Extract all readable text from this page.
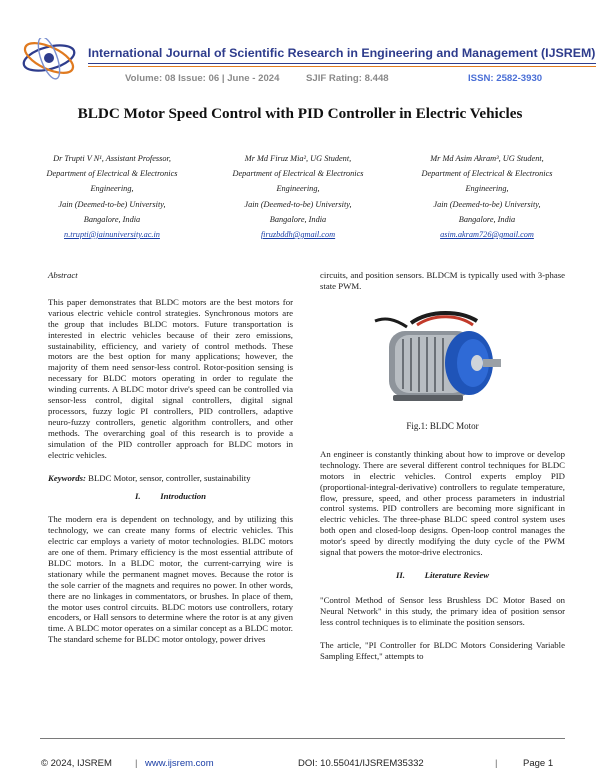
International Journal of Scientific Research in Engineering and Management (IJSREM)
Volume: 08 Issue: 06 | June - 2024	SJIF Rating: 8.448	ISSN: 2582-3930
BLDC Motor Speed Control with PID Controller in Electric Vehicles
Dr Trupti V N¹, Assistant Professor,
Department of Electrical & Electronics
Engineering,
Jain (Deemed-to-be) University,
Bangalore, India
n.trupti@jainuniversity.ac.in
Mr Md Firuz Mia², UG Student,
Department of Electrical & Electronics
Engineering,
Jain (Deemed-to-be) University,
Bangalore, India
firuzbddh@gmail.com
Mr Md Asim Akram³, UG Student,
Department of Electrical & Electronics
Engineering,
Jain (Deemed-to-be) University,
Bangalore, India
asim.akram726@gmail.com

Abstract

This paper demonstrates that BLDC motors are the best motors for various electric vehicle control strategies. Synchronous motors are the group that includes BLDC motors. Future transportation is interested in electric vehicles because of their zero emissions, sustainability, efficiency, and variety of control methods. These motors are the best option for many applications; however, the majority of them need sensor-less control. Rotor-position sensing is necessary for BLDC motors operating in order to regulate the winding currents. A BLDC motor drive's speed can be controlled via sensor-less control, digital signal controllers, digital signal processors, fuzzy logic PI controllers, PID controllers, adaptive neuro-fuzzy controllers, genetic algorithm controllers, and other methods. The overarching goal of this research is to provide a simulation of the PID controller approach for BLDC motors in electric vehicles.

Keywords: BLDC Motor, sensor, controller, sustainability

I.         Introduction

The modern era is dependent on technology, and by utilizing this technology, we can create many forms of electric vehicles. This electric car employs a variety of motor technologies. BLDC motors are one of them. Primary efficiency is the most essential attribute of BLDC motors. In a BLDC motor, the current-carrying wire is stationary while the permanent magnet moves. Because the rotor is the sole carrier of the magnets and requires no power. In other words, there are no linkages in commentators, or brushes. In place of them, the motor uses control circuits. BLDC motors use controllers, rotary encoders, or Hall sensors to determine where the rotor is at any given time. A BLDC motor operates on a similar concept as a BLDC motor. The standard scheme for BLDC motor ontology, power drives

circuits, and position sensors. BLDCM is typically used with 3-phase state PWM.

Fig.1: BLDC Motor

An engineer is constantly thinking about how to improve or develop technology. There are several different control techniques for BLDC motors in electric vehicles. Control experts employ PID (proportional-integral-derivative) controllers to regulate temperature, flow, pressure, speed, and other process parameters in industrial control systems. PID controllers are becoming more significant in electric vehicles. The three-phase BLDC speed control system uses both open and closed-loop designs. Open-loop control manages the motor's speed by directly modifying the duty cycle of the PWM signal that powers the motor-drive electronics.

II.         Literature Review

"Control Method of Sensor less Brushless DC Motor Based on Neural Network" in this study, the primary idea of position sensor less control techniques is to eliminate the position sensors.

The article, "PI Controller for BLDC Motors Considering Variable Sampling Effect," attempts to

© 2024, IJSREM | www.ijsrem.com	DOI: 10.55041/IJSREM35332	|	Page 1
